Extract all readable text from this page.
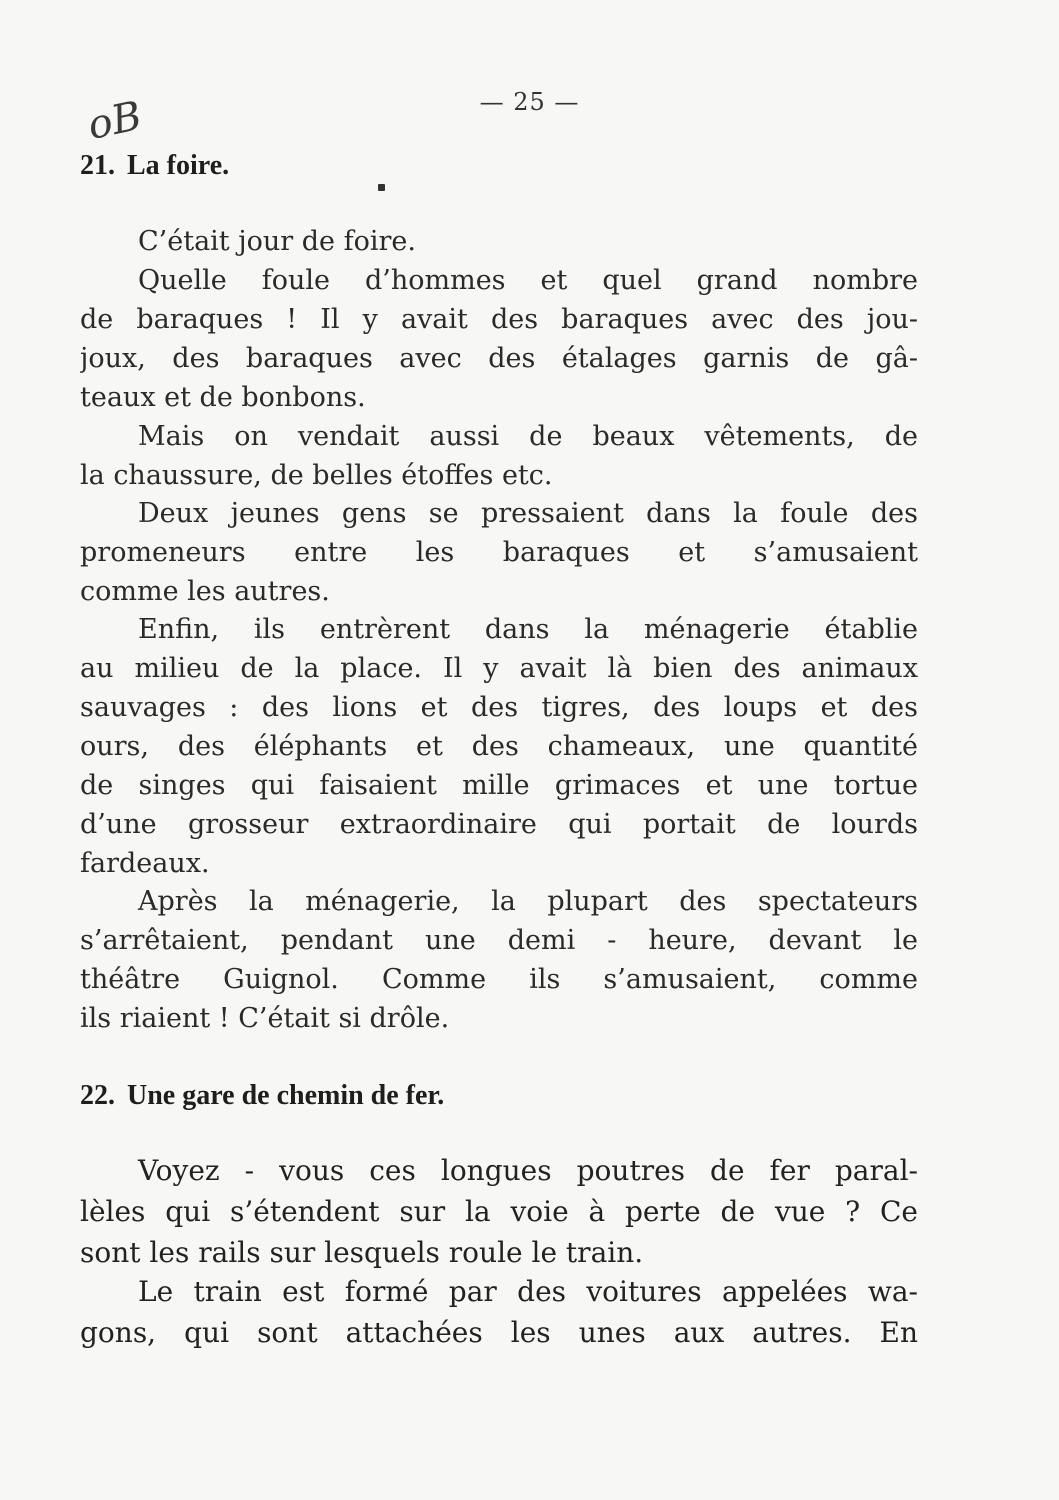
— 25 —
oB
21. La foire.
C’était jour de foire.
Quelle foule d’hommes et quel grand nombre
de baraques ! Il y avait des baraques avec des jou-
joux, des baraques avec des étalages garnis de gâ-
teaux et de bonbons.
Mais on vendait aussi de beaux vêtements, de
la chaussure, de belles étoffes etc.
Deux jeunes gens se pressaient dans la foule des
promeneurs entre les baraques et s’amusaient
comme les autres.
Enfin, ils entrèrent dans la ménagerie établie
au milieu de la place. Il y avait là bien des animaux
sauvages : des lions et des tigres, des loups et des
ours, des éléphants et des chameaux, une quantité
de singes qui faisaient mille grimaces et une tortue
d’une grosseur extraordinaire qui portait de lourds
fardeaux.
Après la ménagerie, la plupart des spectateurs
s’arrêtaient, pendant une demi - heure, devant le
théâtre Guignol. Comme ils s’amusaient, comme
ils riaient ! C’était si drôle.
22. Une gare de chemin de fer.
Voyez - vous ces longues poutres de fer paral-
lèles qui s’étendent sur la voie à perte de vue ? Ce
sont les rails sur lesquels roule le train.
Le train est formé par des voitures appelées wa-
gons, qui sont attachées les unes aux autres. En
